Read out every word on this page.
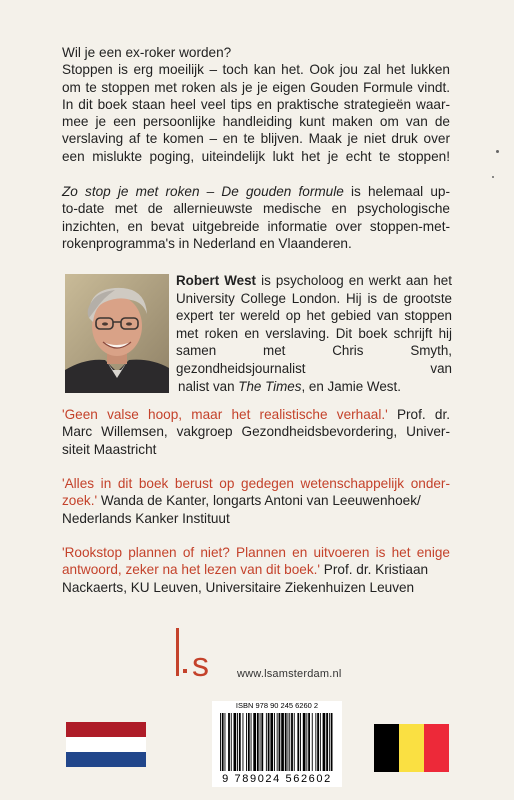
Wil je een ex-roker worden?
Stoppen is erg moeilijk – toch kan het. Ook jou zal het lukken
om te stoppen met roken als je je eigen Gouden Formule vindt.
In dit boek staan heel veel tips en praktische strategieën waar-
mee je een persoonlijke handleiding kunt maken om van de
verslaving af te komen – en te blijven. Maak je niet druk over
een mislukte poging, uiteindelijk lukt het je echt te stoppen!
Zo stop je met roken – De gouden formule is helemaal up-
to-date met de allernieuwste medische en psychologische
inzichten, en bevat uitgebreide informatie over stoppen-met-
rokenprogramma's in Nederland en Vlaanderen.
Robert West is psycholoog en werkt aan het
University College London. Hij is de grootste
expert ter wereld op het gebied van stoppen
met roken en verslaving. Dit boek schrijft hij
samen met Chris Smyth, gezondheidsjournalist van
nalist van The Times, en Jamie West.
'Geen valse hoop, maar het realistische verhaal.' Prof. dr.
Marc Willemsen, vakgroep Gezondheidsbevordering, Univer-
siteit Maastricht
'Alles in dit boek berust op gedegen wetenschappelijk onder-
zoek.' Wanda de Kanter, longarts Antoni van Leeuwenhoek/
Nederlands Kanker Instituut
'Rookstop plannen of niet? Plannen en uitvoeren is het enige
antwoord, zeker na het lezen van dit boek.' Prof. dr. Kristiaan
Nackaerts, KU Leuven, Universitaire Ziekenhuizen Leuven
s	www.lsamsterdam.nl
ISBN 978 90 245 6260 2
9 789024 562602
